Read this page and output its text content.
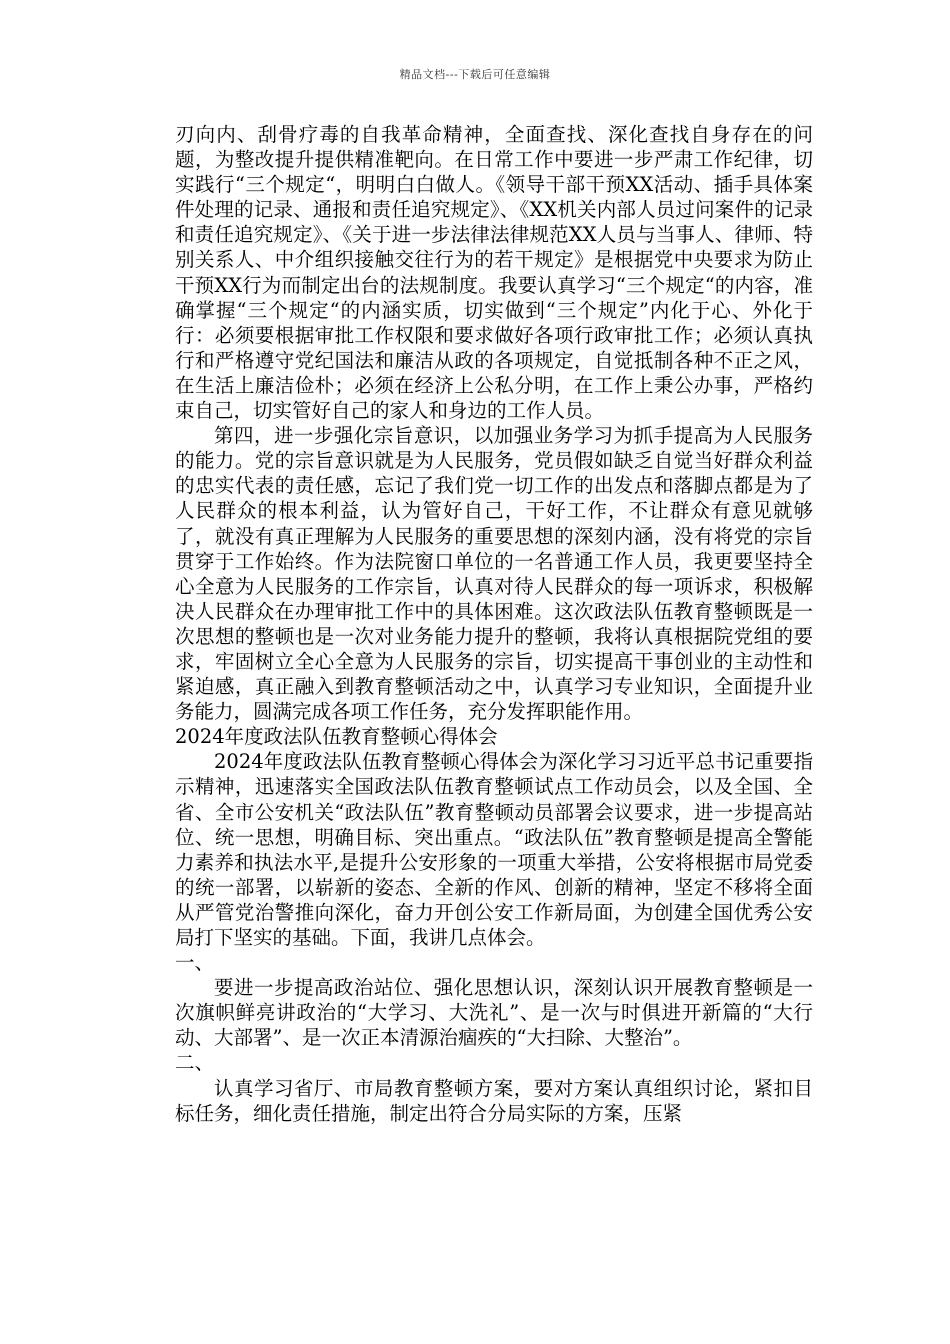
精品文档---下载后可任意编辑

刃向内、刮骨疗毒的自我革命精神，全面查找、深化查找自身存在的问题，为整改提升提供精准靶向。在日常工作中要进一步严肃工作纪律，切实践行“三个规定“，明明白白做人。《领导干部干预XX活动、插手具体案件处理的记录、通报和责任追究规定》、《XX机关内部人员过问案件的记录和责任追究规定》、《关于进一步法律法律规范XX人员与当事人、律师、特别关系人、中介组织接触交往行为的若干规定》是根据党中央要求为防止干预XX行为而制定出台的法规制度。我要认真学习“三个规定“的内容，准确掌握“三个规定“的内涵实质，切实做到“三个规定”内化于心、外化于行：必须要根据审批工作权限和要求做好各项行政审批工作；必须认真执行和严格遵守党纪国法和廉洁从政的各项规定，自觉抵制各种不正之风，在生活上廉洁俭朴；必须在经济上公私分明，在工作上秉公办事，严格约束自己，切实管好自己的家人和身边的工作人员。

第四，进一步强化宗旨意识，以加强业务学习为抓手提高为人民服务的能力。党的宗旨意识就是为人民服务，党员假如缺乏自觉当好群众利益的忠实代表的责任感，忘记了我们党一切工作的出发点和落脚点都是为了人民群众的根本利益，认为管好自己，干好工作，不让群众有意见就够了，就没有真正理解为人民服务的重要思想的深刻内涵，没有将党的宗旨贯穿于工作始终。作为法院窗口单位的一名普通工作人员，我更要坚持全心全意为人民服务的工作宗旨，认真对待人民群众的每一项诉求，积极解决人民群众在办理审批工作中的具体困难。这次政法队伍教育整顿既是一次思想的整顿也是一次对业务能力提升的整顿，我将认真根据院党组的要求，牢固树立全心全意为人民服务的宗旨，切实提高干事创业的主动性和紧迫感，真正融入到教育整顿活动之中，认真学习专业知识，全面提升业务能力，圆满完成各项工作任务，充分发挥职能作用。

2024年度政法队伍教育整顿心得体会

2024年度政法队伍教育整顿心得体会为深化学习习近平总书记重要指示精神，迅速落实全国政法队伍教育整顿试点工作动员会，以及全国、全省、全市公安机关“政法队伍”教育整顿动员部署会议要求，进一步提高站位、统一思想，明确目标、突出重点。“政法队伍”教育整顿是提高全警能力素养和执法水平,是提升公安形象的一项重大举措，公安将根据市局党委的统一部署，以崭新的姿态、全新的作风、创新的精神，坚定不移将全面从严管党治警推向深化，奋力开创公安工作新局面，为创建全国优秀公安局打下坚实的基础。下面，我讲几点体会。

一、

要进一步提高政治站位、强化思想认识，深刻认识开展教育整顿是一次旗帜鲜亮讲政治的“大学习、大洗礼”、是一次与时俱进开新篇的“大行动、大部署”、是一次正本清源治痼疾的“大扫除、大整治”。

二、

认真学习省厅、市局教育整顿方案，要对方案认真组织讨论，紧扣目标任务，细化责任措施，制定出符合分局实际的方案，压紧
